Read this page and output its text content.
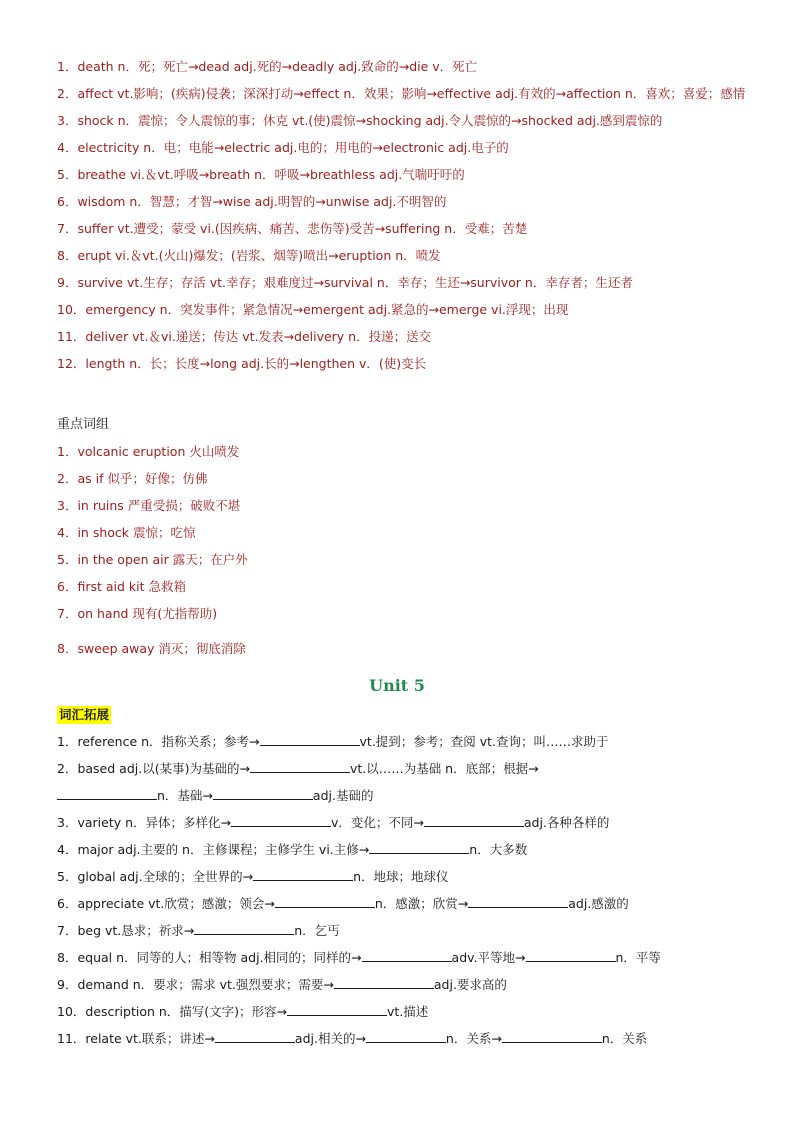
1．death n．死；死亡→dead adj.死的→deadly adj.致命的→die v．死亡
2．affect vt.影响；(疾病)侵袭；深深打动→effect n．效果；影响→effective adj.有效的→affection n．喜欢；喜爱；感情
3．shock n．震惊；令人震惊的事；休克 vt.(使)震惊→shocking adj.令人震惊的→shocked adj.感到震惊的
4．electricity n．电；电能→electric adj.电的；用电的→electronic adj.电子的
5．breathe vi.＆vt.呼吸→breath n．呼吸→breathless adj.气喘吁吁的
6．wisdom n．智慧；才智→wise adj.明智的→unwise adj.不明智的
7．suffer vt.遭受；蒙受 vi.(因疾病、痛苦、悲伤等)受苦→suffering n．受难；苦楚
8．erupt vi.＆vt.(火山)爆发；(岩浆、烟等)喷出→eruption n．喷发
9．survive vt.生存；存活 vt.幸存；艰难度过→survival n．幸存；生还→survivor n．幸存者；生还者
10．emergency n．突发事件；紧急情况→emergent adj.紧急的→emerge vi.浮现；出现
11．deliver vt.＆vi.递送；传达 vt.发表→delivery n．投递；送交
12．length n．长；长度→long adj.长的→lengthen v．(使)变长
重点词组
1．volcanic eruption 火山喷发
2．as if 似乎；好像；仿佛
3．in ruins 严重受损；破败不堪
4．in shock 震惊；吃惊
5．in the open air 露天；在户外
6．first aid kit 急救箱
7．on hand 现有(尤指帮助)
8．sweep away 消灭；彻底消除
Unit 5
词汇拓展
1．reference n．指称关系；参考→	vt.提到；参考；查阅 vt.查询；叫……求助于
2．based adj.以(某事)为基础的→	vt.以……为基础 n．底部；根据→
n．基础→	adj.基础的
3．variety n．异体；多样化→	v．变化；不同→	adj.各种各样的
4．major adj.主要的 n．主修课程；主修学生 vi.主修→	n．大多数
5．global adj.全球的；全世界的→	n．地球；地球仪
6．appreciate vt.欣赏；感激；领会→	n．感激；欣赏→	adj.感激的
7．beg vt.恳求；祈求→	n．乞丐
8．equal n．同等的人；相等物 adj.相同的；同样的→	adv.平等地→	n．平等
9．demand n．要求；需求 vt.强烈要求；需要→	adj.要求高的
10．description n．描写(文字)；形容→	vt.描述
11．relate vt.联系；讲述→	adj.相关的→	n．关系→	n．关系
